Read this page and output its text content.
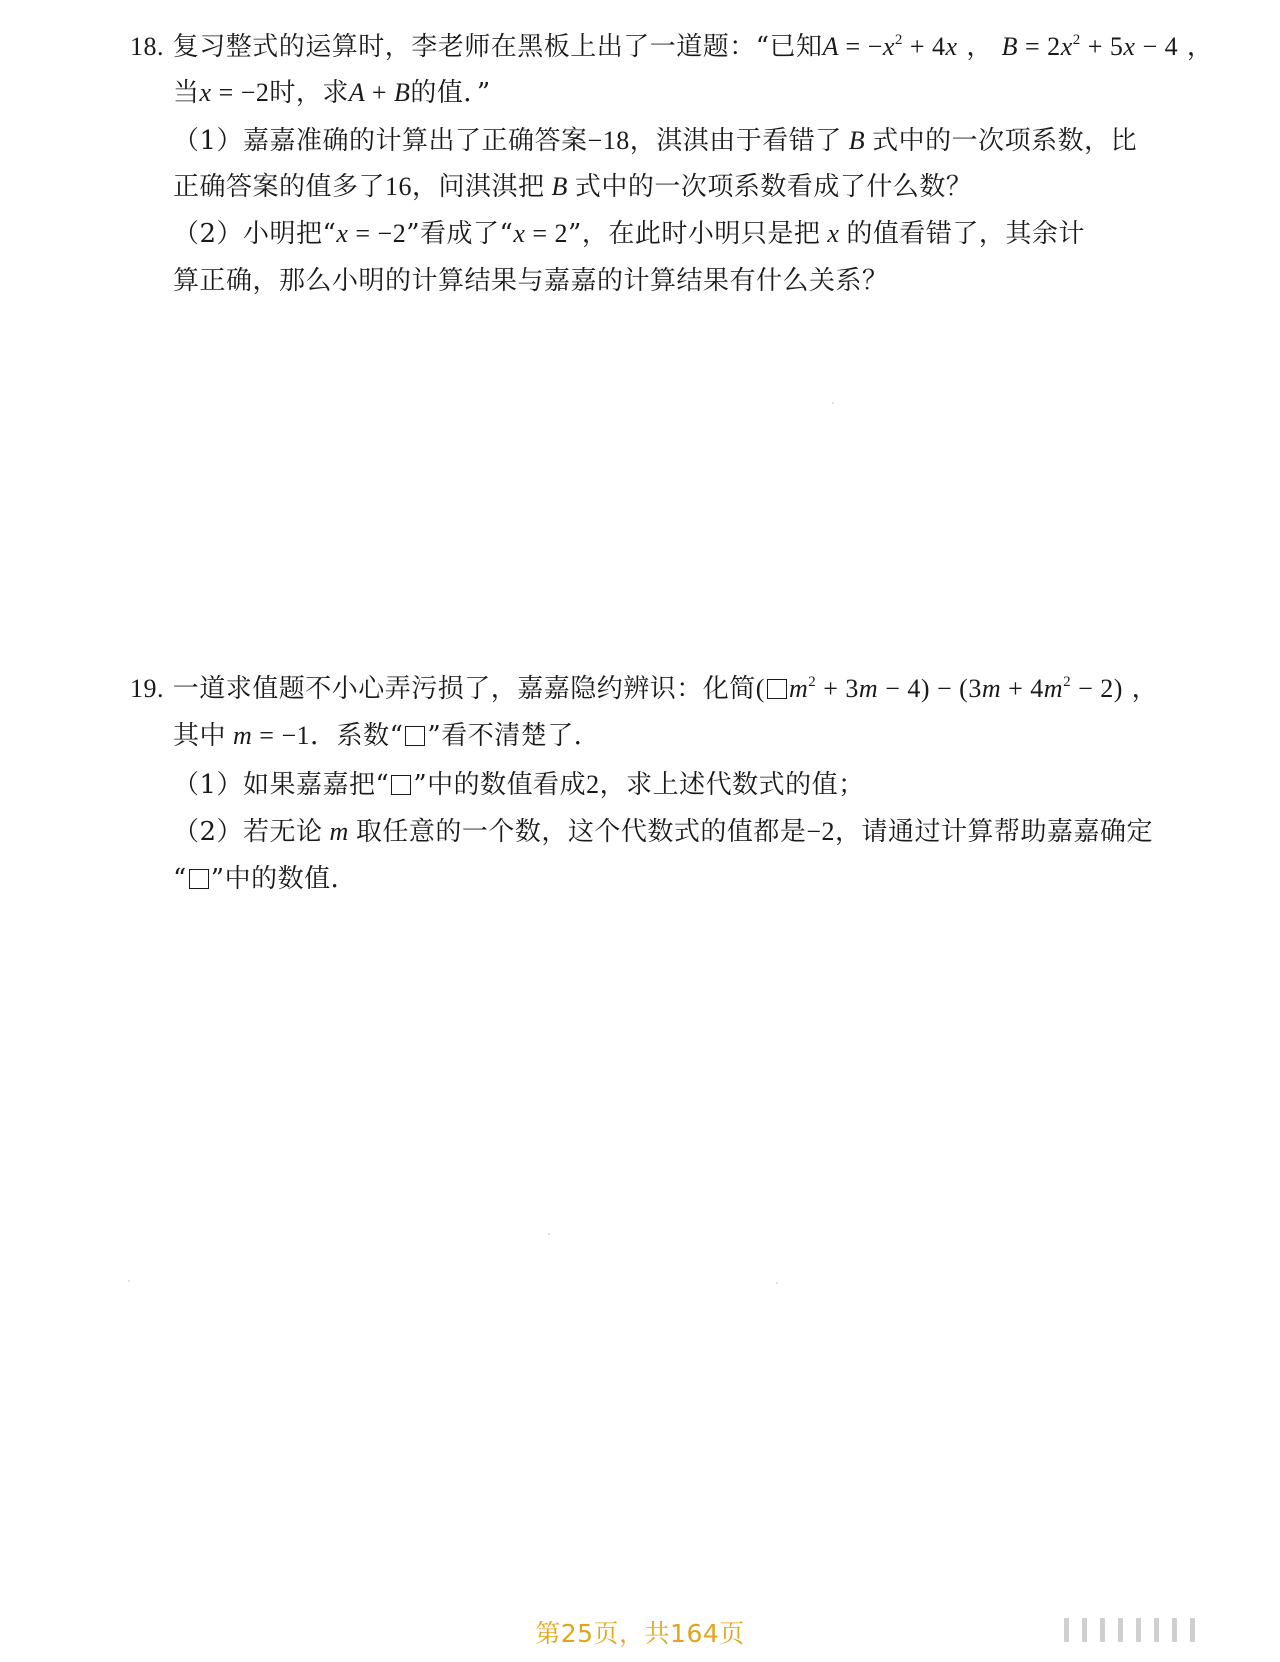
18. 复习整式的运算时，李老师在黑板上出了一道题：“已知$A = -x^2 + 4x$ ， $B = 2x^2 + 5x - 4$ ，
当x = −2时，求A + B的值．”
（1）嘉嘉准确的计算出了正确答案−18，淇淇由于看错了 B 式中的一次项系数，比
正确答案的值多了16，问淇淇把 B 式中的一次项系数看成了什么数？
（2）小明把“x = −2”看成了“x = 2”，在此时小明只是把 x 的值看错了，其余计
算正确，那么小明的计算结果与嘉嘉的计算结果有什么关系？
19. 一道求值题不小心弄污损了，嘉嘉隐约辨识：化简( $m^2 + 3m - 4) - (3m + 4m^2 - 2)$ ，
其中 m = −1．系数“ ”看不清楚了．
（1）如果嘉嘉把“ ”中的数值看成2，求上述代数式的值；
（2）若无论 m 取任意的一个数，这个代数式的值都是−2，请通过计算帮助嘉嘉确定
“ ”中的数值．
第25页，共164页
